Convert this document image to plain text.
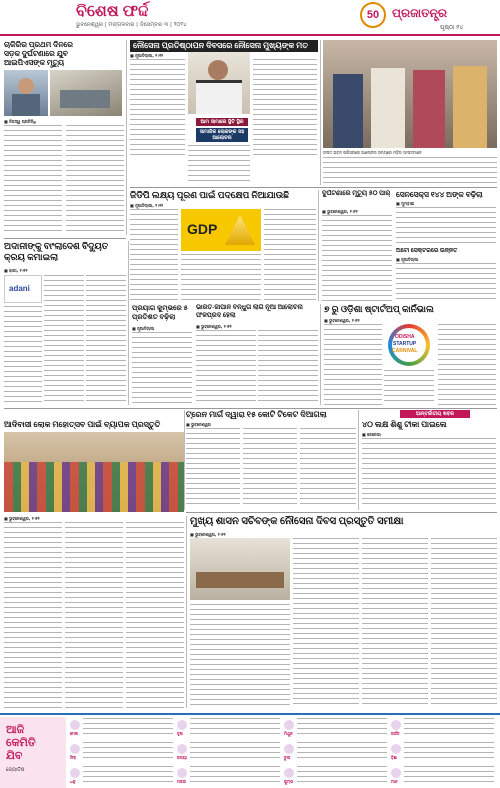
ବିଶେଷ ଫର୍ଦ୍ଦ
ଭୁବନେଶ୍ୱର | ମଙ୍ଗଳବାର | ଡିସେମ୍ବର ୩ | ୨୦୨୪
50	ପ୍ରଜାତନ୍ତ୍ର
ପୃଷ୍ଠା ୧୪
ଚାକିରିର ପ୍ରଥମ ଦିନରେ ସଡ଼କ ଦୁର୍ଘଟଣାରେ ଯୁବ ଆଇପିଏସଙ୍କ ମୃତ୍ୟୁ
■ ନିଜସ୍ୱ ପ୍ରତିନିଧି
ନୌସେନା ପ୍ରତିଷ୍ଠାପନ ଦିବସରେ ନୌସେନା ମୁଖ୍ୟଙ୍କ ମତ
■ ନୂଆଦିଲ୍ଲୀ, ୨।୧୨
ଆମ ସୀମାରେ ସ୍ଥିତି ସ୍ଥିର
ସାମାଜିକ ଲୋକଙ୍କ ସହ ଆଲୋଚନା
ସଂସଦ ଭବନ ପରିସରରେ ଆଲୋଚନା ସମୟରେ ମହିଳା ସାଂସଦମାନେ
ଜିଡିପି ଲକ୍ଷ୍ୟ ପୂରଣ ପାଇଁ ପଦକ୍ଷେପ ନିଆଯାଉଛି
■ ନୂଆଦିଲ୍ଲୀ, ୨।୧୨
GDP
ଦୁର୍ଘଟଣାରେ ମୃତ୍ୟୁ ୫୦ ପାର୍
■ ଭୁବନେଶ୍ୱର, ୨।୧୨
ସେନସେକ୍ସ ୧୪୪ ଅଙ୍କ ବଢ଼ିଲା
■ ମୁମ୍ବାଇ
ଅଟୋ ସେକ୍ଟରରେ ଉନ୍ନତି
■ ନୂଆଦିଲ୍ଲୀ
ଅଦାନୀଙ୍କୁ ବାଂଲାଦେଶ ବିଦ୍ୟୁତ କ୍ରୟ କମାଇଲା
■ ଢାକା, ୨।୧୨
adani
ପ୍ରୟାଗ କୁମ୍ଭରେ ୫ ପ୍ରତିଶତ ବଢ଼ିଲା
■ ନୂଆଦିଲ୍ଲୀ
ଭାରତ-ଜାପାନ ବନ୍ଧୁତା ଲାଗି ନୂଆ ଆଲୋଚନା ଫଳପ୍ରଦ ହେଲା
■ ଭୁବନେଶ୍ୱର, ୨।୧୨
୭ ରୁ ଓଡ଼ିଶା ଷ୍ଟାର୍ଟଅପ୍ କାର୍ନିଭାଲ
■ ଭୁବନେଶ୍ୱର, ୨।୧୨
ODISHA
STARTUP
CARNIVAL
ଟ୍ରେନ ମାର୍ଗ ଦ୍ୱାରା ୧୫ କୋଟି ଟିକେଟ ଦିଆଗଲା
■ ଭୁବନେଶ୍ୱର
ଆନ୍ତର୍ଜାତୀୟ ଖବର
୪୦ ଲକ୍ଷ ଶିଶୁ ଟୀକା ପାଇଲେ
■ ଜେନେଭା
ଆଦିବାସୀ ଲୋକ ମହୋତ୍ସବ ପାଇଁ ବ୍ୟାପକ ପ୍ରସ୍ତୁତି
ମୁଖ୍ୟ ଶାସନ ସଚିବଙ୍କ ନୌସେନା ଦିବସ ପ୍ରସ୍ତୁତି ସମୀକ୍ଷା
■ ଭୁବନେଶ୍ୱର, ୨।୧୨
■ ଭୁବନେଶ୍ୱର, ୨।୧୨
ଆଜି
କେମିତି
ଯିବ
ଜ୍ୟୋତିଷ
ମେଷ	ବୃଷ	ମିଥୁନ	କର୍କଟ
ସିଂହ	କନ୍ୟା	ତୁଳା	ବିଛା
ଧନୁ	ମକର	କୁମ୍ଭ	ମୀନ
